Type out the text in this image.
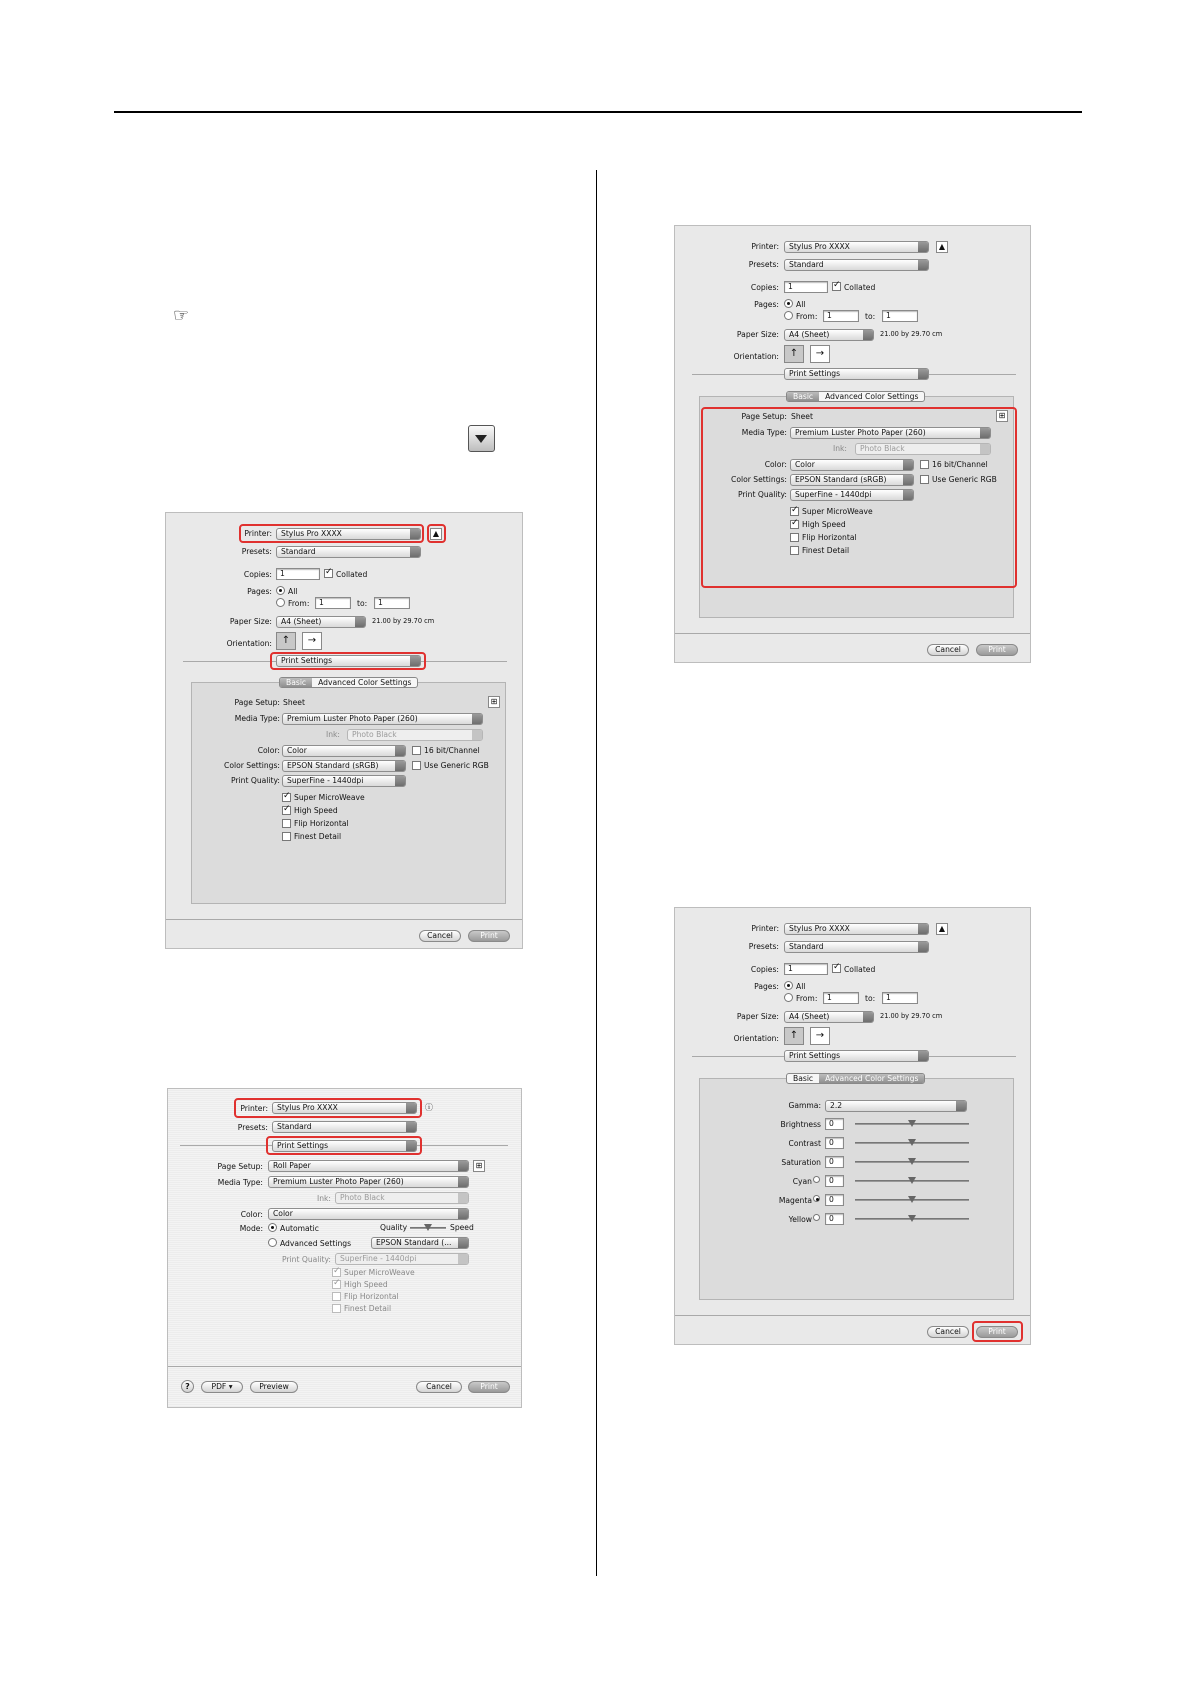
☞
Printer:	Stylus Pro XXXX	▲
Presets:	Standard
Copies:	1 ✓	Collated
Pages: All
From:	1	to:	1
Paper Size:	A4 (Sheet)	21.00 by 29.70 cm
Orientation: ↑	→
Print Settings
Basic	Advanced Color Settings
Page Setup: Sheet	⊞
Media Type: Premium Luster Photo Paper (260)
Ink:	Photo Black
Color: Color	16 bit/Channel
Color Settings: EPSON Standard (sRGB)	Use Generic RGB
Print Quality: SuperFine - 1440dpi
✓
Super MicroWeave
✓
High Speed
Flip Horizontal
Finest Detail
Cancel	Print
Printer:	Stylus Pro XXXX	ⓘ
Presets:	Standard
Print Settings
Page Setup:	Roll Paper	⊞
Media Type:	Premium Luster Photo Paper (260)
Ink:	Photo Black
Color:	Color
Mode: Automatic	Quality	Speed
Advanced Settings	EPSON Standard (...
Print Quality:	SuperFine - 1440dpi
✓
Super MicroWeave
✓
High Speed
Flip Horizontal
Finest Detail
?	PDF ▾	Preview	Cancel	Print
Printer:	Stylus Pro XXXX	▲
Presets:	Standard
Copies:	1 ✓	Collated
Pages: All
From:	1	to:	1
Paper Size:	A4 (Sheet)	21.00 by 29.70 cm
Orientation:	↑	→
Print Settings
Basic	Advanced Color Settings
Page Setup: Sheet	⊞
Media Type:	Premium Luster Photo Paper (260)
Ink:	Photo Black
Color:	Color	16 bit/Channel
Color Settings:	EPSON Standard (sRGB)	Use Generic RGB
Print Quality:	SuperFine - 1440dpi
✓
Super MicroWeave
✓
High Speed
Flip Horizontal
Finest Detail
Cancel	Print
Printer:	Stylus Pro XXXX	▲
Presets:	Standard
Copies:	1 ✓	Collated
Pages: All
From:	1	to:	1
Paper Size:	A4 (Sheet)	21.00 by 29.70 cm
Orientation:	↑	→
Print Settings
Basic	Advanced Color Settings
Gamma:	2.2
Brightness	0
Contrast	0
Saturation	0
Cyan	0
Magenta	0
Yellow	0
Cancel	Print
